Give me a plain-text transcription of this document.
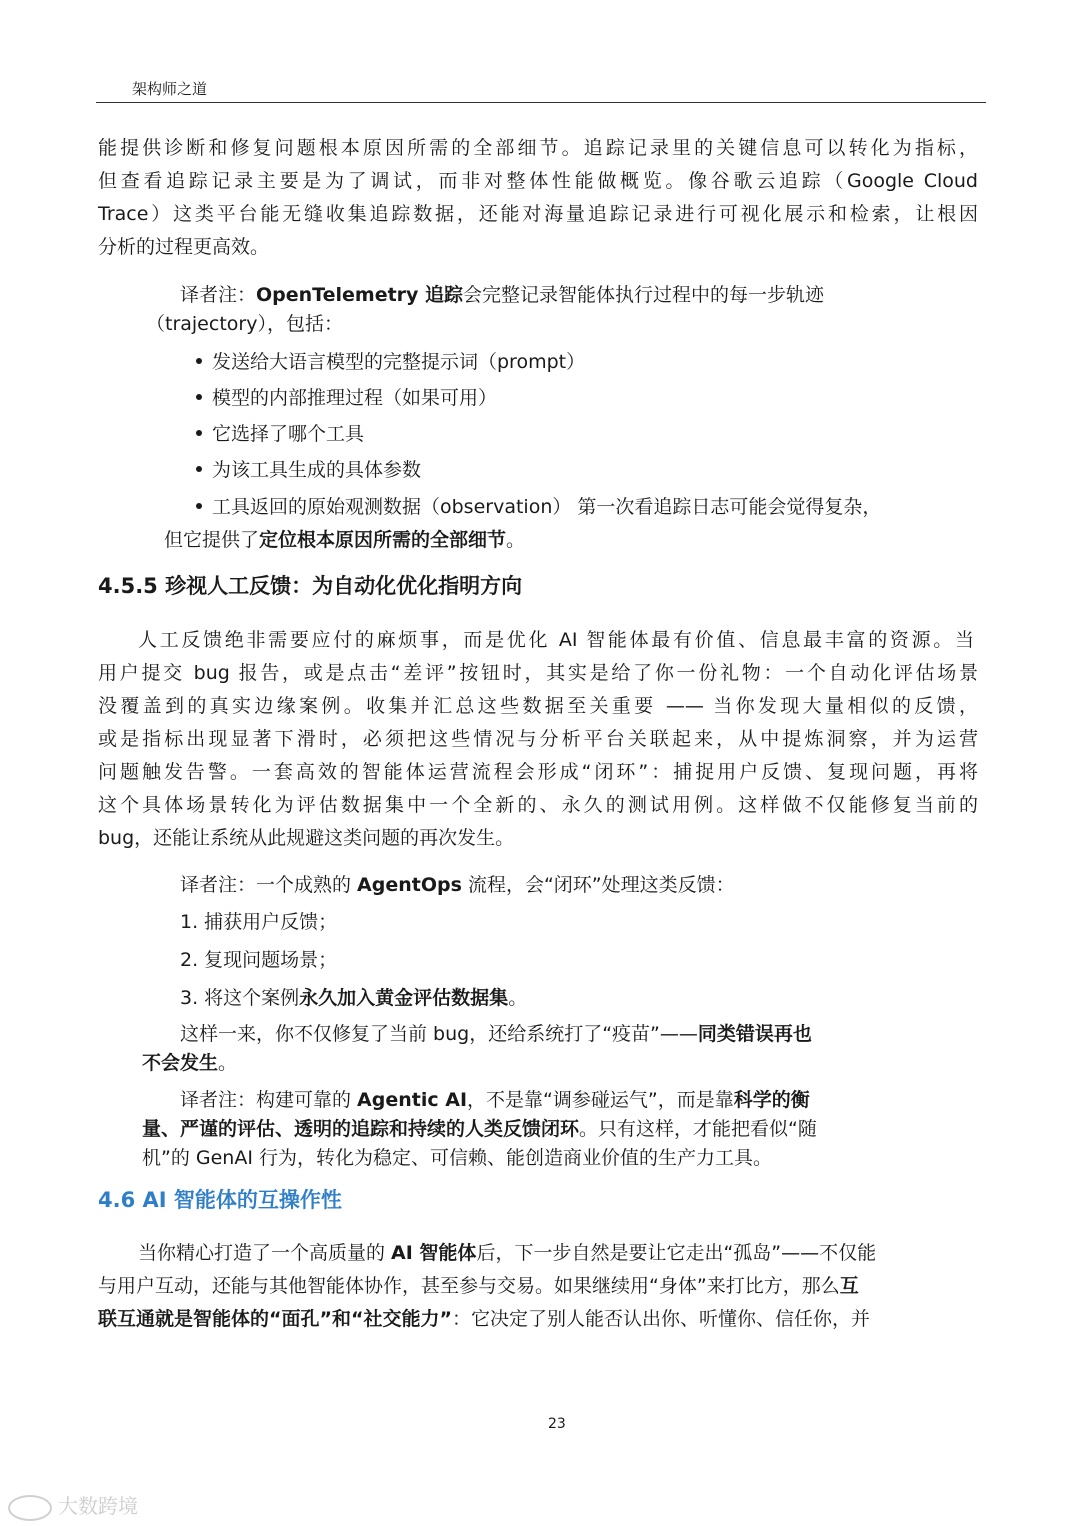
架构师之道
能提供诊断和修复问题根本原因所需的全部细节。追踪记录里的关键信息可以转化为指标，
但查看追踪记录主要是为了调试，而非对整体性能做概览。像谷歌云追踪（Google Cloud
Trace）这类平台能无缝收集追踪数据，还能对海量追踪记录进行可视化展示和检索，让根因
分析的过程更高效。
译者注：OpenTelemetry 追踪会完整记录智能体执行过程中的每一步轨迹
（trajectory），包括：
发送给大语言模型的完整提示词（prompt）
模型的内部推理过程（如果可用）
它选择了哪个工具
为该工具生成的具体参数
工具返回的原始观测数据（observation） 第一次看追踪日志可能会觉得复杂，
但它提供了定位根本原因所需的全部细节。
4.5.5 珍视人工反馈：为自动化优化指明方向
人工反馈绝非需要应付的麻烦事，而是优化 AI 智能体最有价值、信息最丰富的资源。当
用户提交 bug 报告，或是点击“差评”按钮时，其实是给了你一份礼物：一个自动化评估场景
没覆盖到的真实边缘案例。收集并汇总这些数据至关重要 —— 当你发现大量相似的反馈，
或是指标出现显著下滑时，必须把这些情况与分析平台关联起来，从中提炼洞察，并为运营
问题触发告警。一套高效的智能体运营流程会形成“闭环”：捕捉用户反馈、复现问题，再将
这个具体场景转化为评估数据集中一个全新的、永久的测试用例。这样做不仅能修复当前的
bug，还能让系统从此规避这类问题的再次发生。
译者注：一个成熟的 AgentOps 流程，会“闭环”处理这类反馈：
1. 捕获用户反馈；
2. 复现问题场景；
3. 将这个案例永久加入黄金评估数据集。
这样一来，你不仅修复了当前 bug，还给系统打了“疫苗”——同类错误再也
不会发生。
译者注：构建可靠的 Agentic AI，不是靠“调参碰运气”，而是靠科学的衡
量、严谨的评估、透明的追踪和持续的人类反馈闭环。只有这样，才能把看似“随
机”的 GenAI 行为，转化为稳定、可信赖、能创造商业价值的生产力工具。
4.6 AI 智能体的互操作性
当你精心打造了一个高质量的 AI 智能体后，下一步自然是要让它走出“孤岛”——不仅能
与用户互动，还能与其他智能体协作，甚至参与交易。如果继续用“身体”来打比方，那么互
联互通就是智能体的“面孔”和“社交能力”：它决定了别人能否认出你、听懂你、信任你，并
23
大数跨境
